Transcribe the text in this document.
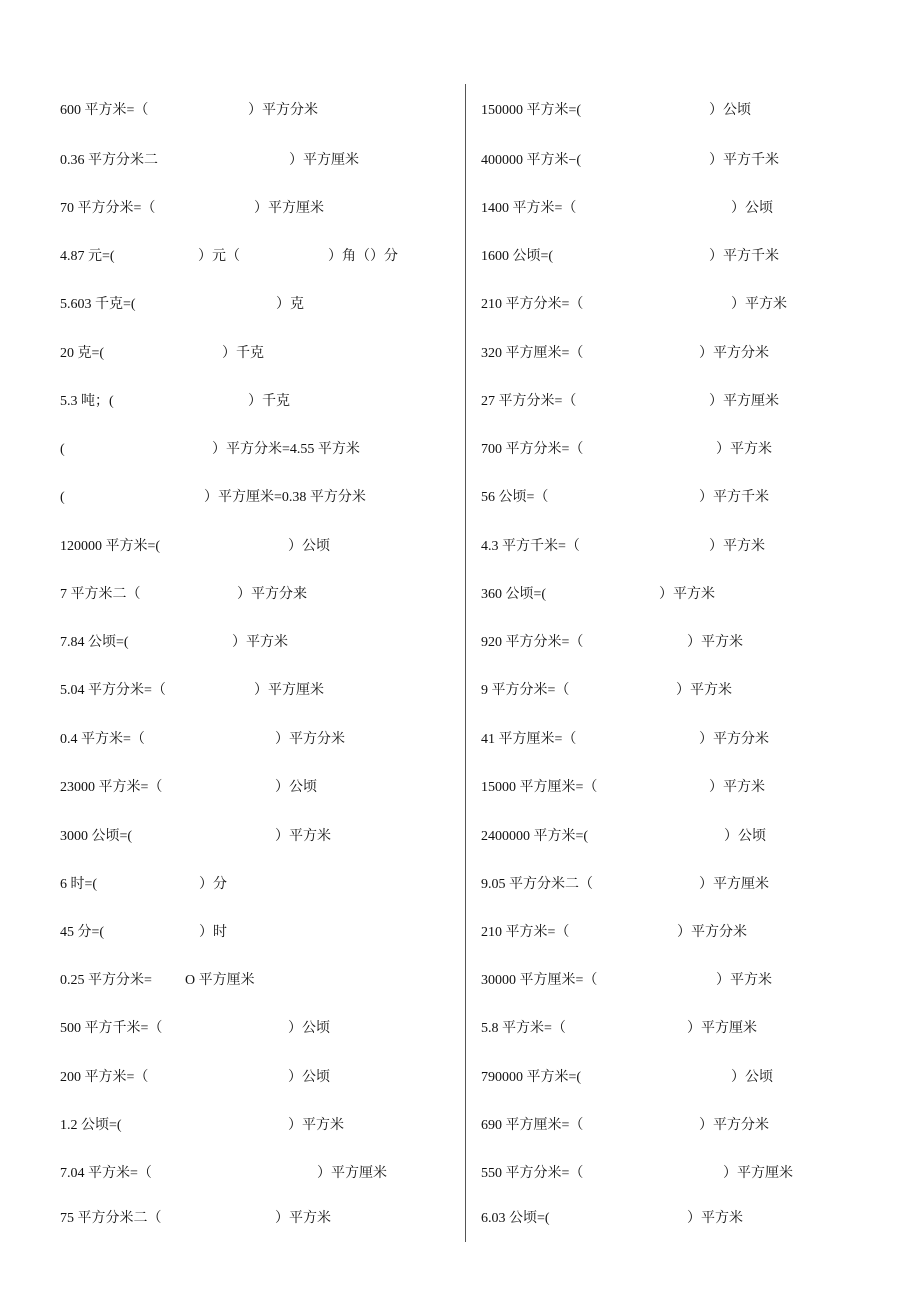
600 平方米=（	）平方分米
0.36 平方分米二	）平方厘米
70 平方分米=（	）平方厘米
4.87 元=(	）元（	）角（）分
5.603 千克=(	）克
20 克=(	）千克
5.3 吨；(	）千克
(	）平方分米=4.55 平方米
(	）平方厘米=0.38 平方分米
120000 平方米=(	）公顷
7 平方米二（	）平方分来
7.84 公顷=(	）平方米
5.04 平方分米=（	）平方厘米
0.4 平方米=（	）平方分米
23000 平方米=（	）公顷
3000 公顷=(	）平方米
6 时=(	）分
45 分=(	）时
0.25 平方分米= O 平方厘米
500 平方千米=（	）公顷
200 平方米=（	）公顷
1.2 公顷=(	）平方米
7.04 平方米=（	）平方厘米
75 平方分米二（	）平方米
150000 平方米=(	）公顷
400000 平方米−(	）平方千米
1400 平方米=（	）公顷
1600 公顷=(	）平方千米
210 平方分米=（	）平方米
320 平方厘米=（	）平方分米
27 平方分米=（	）平方厘米
700 平方分米=（	）平方米
56 公顷=（	）平方千米
4.3 平方千米=（	）平方米
360 公顷=(	）平方米
920 平方分米=（	）平方米
9 平方分米=（	）平方米
41 平方厘米=（	）平方分米
15000 平方厘米=（	）平方米
2400000 平方米=(	）公顷
9.05 平方分米二（	）平方厘米
210 平方米=（	）平方分米
30000 平方厘米=（	）平方米
5.8 平方米=（	）平方厘米
790000 平方米=(	）公顷
690 平方厘米=（	）平方分米
550 平方分米=（	）平方厘米
6.03 公顷=(	）平方米
